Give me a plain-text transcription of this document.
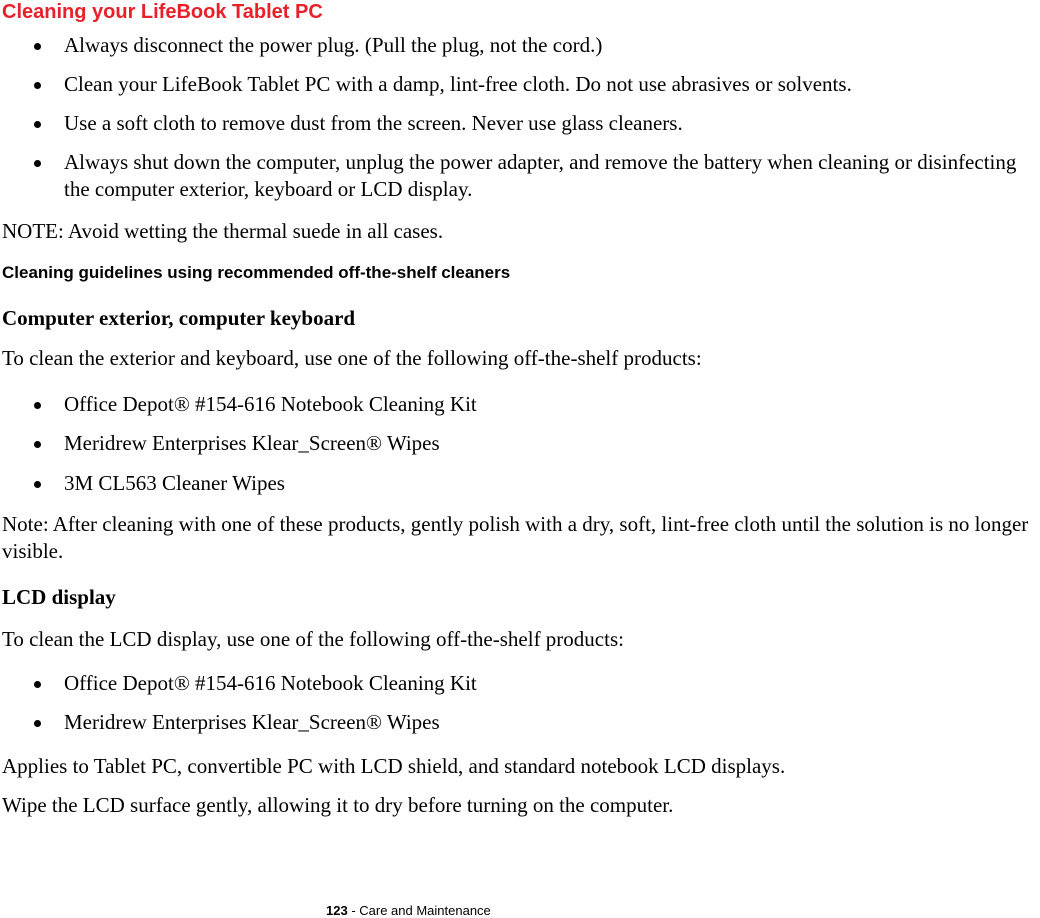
Cleaning your LifeBook Tablet PC
Always disconnect the power plug. (Pull the plug, not the cord.)
Clean your LifeBook Tablet PC with a damp, lint-free cloth. Do not use abrasives or solvents.
Use a soft cloth to remove dust from the screen. Never use glass cleaners.
Always shut down the computer, unplug the power adapter, and remove the battery when cleaning or disinfecting the computer exterior, keyboard or LCD display.

NOTE: Avoid wetting the thermal suede in all cases.

Cleaning guidelines using recommended off-the-shelf cleaners
Computer exterior, computer keyboard

To clean the exterior and keyboard, use one of the following off-the-shelf products:

Office Depot® #154-616 Notebook Cleaning Kit
Meridrew Enterprises Klear_Screen® Wipes
3M CL563 Cleaner Wipes

Note: After cleaning with one of these products, gently polish with a dry, soft, lint-free cloth until the solution is no longer visible.

LCD display

To clean the LCD display, use one of the following off-the-shelf products:

Office Depot® #154-616 Notebook Cleaning Kit
Meridrew Enterprises Klear_Screen® Wipes

Applies to Tablet PC, convertible PC with LCD shield, and standard notebook LCD displays.

Wipe the LCD surface gently, allowing it to dry before turning on the computer.

123 - Care and Maintenance
